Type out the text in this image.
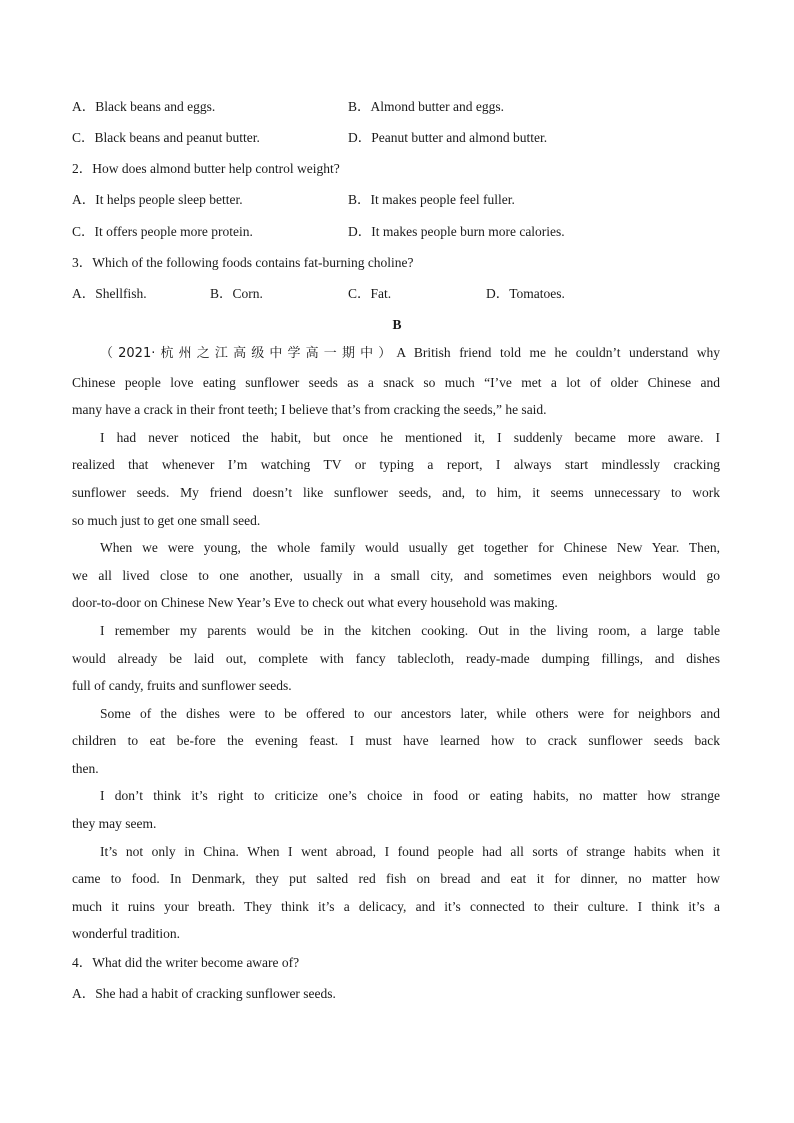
A．Black beans and eggs.	B．Almond butter and eggs.
C．Black beans and peanut butter.	D．Peanut butter and almond butter.
2．How does almond butter help control weight?
A．It helps people sleep better.	B．It makes people feel fuller.
C．It offers people more protein.	D．It makes people burn more calories.
3．Which of the following foods contains fat-burning choline?
A．Shellfish.	B．Corn.	C．Fat.	D．Tomatoes.
B
（2021·杭州之江高级中学高一期中）A British friend told me he couldn’t understand why
Chinese people love eating sunflower seeds as a snack so much “I’ve met a lot of older Chinese and
many have a crack in their front teeth; I believe that’s from cracking the seeds,” he said.
I had never noticed the habit, but once he mentioned it, I suddenly became more aware. I
realized that whenever I’m watching TV or typing a report, I always start mindlessly cracking
sunflower seeds. My friend doesn’t like sunflower seeds, and, to him, it seems unnecessary to work
so much just to get one small seed.
When we were young, the whole family would usually get together for Chinese New Year. Then,
we all lived close to one another, usually in a small city, and sometimes even neighbors would go
door-to-door on Chinese New Year’s Eve to check out what every household was making.
I remember my parents would be in the kitchen cooking. Out in the living room, a large table
would already be laid out, complete with fancy tablecloth, ready-made dumping fillings, and dishes
full of candy, fruits and sunflower seeds.
Some of the dishes were to be offered to our ancestors later, while others were for neighbors and
children to eat be-fore the evening feast. I must have learned how to crack sunflower seeds back
then.
I don’t think it’s right to criticize one’s choice in food or eating habits, no matter how strange
they may seem.
It’s not only in China. When I went abroad, I found people had all sorts of strange habits when it
came to food. In Denmark, they put salted red fish on bread and eat it for dinner, no matter how
much it ruins your breath. They think it’s a delicacy, and it’s connected to their culture. I think it’s a
wonderful tradition.
4．What did the writer become aware of?
A．She had a habit of cracking sunflower seeds.
